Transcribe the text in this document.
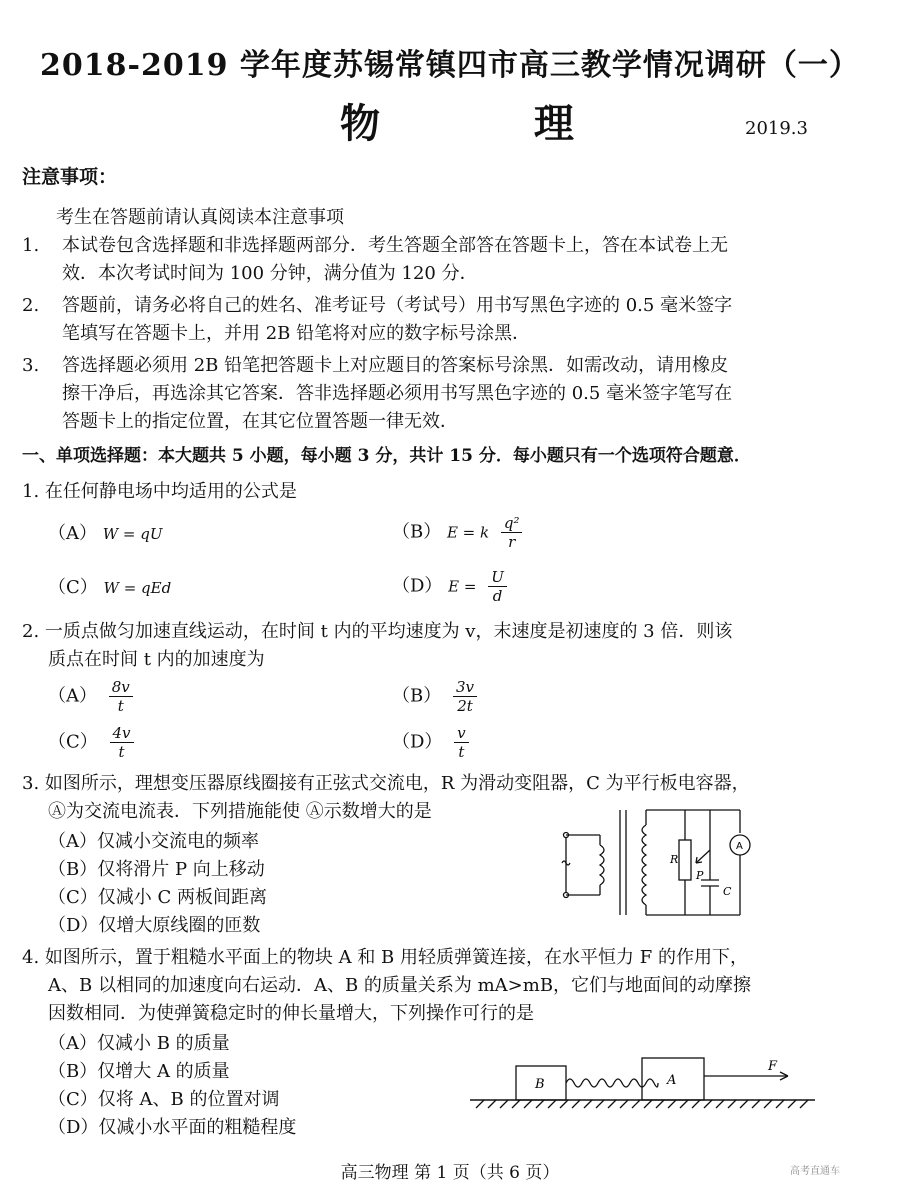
2018-2019 学年度苏锡常镇四市高三教学情况调研（一）
物 理	2019.3
注意事项：
考生在答题前请认真阅读本注意事项
1. 本试卷包含选择题和非选择题两部分．考生答题全部答在答题卡上，答在本试卷上无
效．本次考试时间为 100 分钟，满分值为 120 分．
2. 答题前，请务必将自己的姓名、准考证号（考试号）用书写黑色字迹的 0.5 毫米签字
笔填写在答题卡上，并用 2B 铅笔将对应的数字标号涂黑．
3. 答选择题必须用 2B 铅笔把答题卡上对应题目的答案标号涂黑．如需改动，请用橡皮
擦干净后，再选涂其它答案．答非选择题必须用书写黑色字迹的 0.5 毫米签字笔写在
答题卡上的指定位置，在其它位置答题一律无效．
一、单项选择题：本大题共 5 小题，每小题 3 分，共计 15 分．每小题只有一个选项符合题意．
1. 在任何静电场中均适用的公式是
（A） W = qU	（B） E = k $\frac{\text{q²}}{r}$
（C） W = qEd	（D） $E = \frac{U}{d}$
2. 一质点做匀加速直线运动，在时间 t 内的平均速度为 v，末速度是初速度的 3 倍．则该
质点在时间 t 内的加速度为
$(A) \frac{8v}{t}$	$(B) \frac{3v}{2t}$
$(C) \frac{4v}{t}$	$(D) \frac{v}{t}$
3. 如图所示，理想变压器原线圈接有正弦式交流电，R 为滑动变阻器，C 为平行板电容器，
Ⓐ为交流电流表．下列措施能使 Ⓐ示数增大的是
（A）仅减小交流电的频率
（B）仅将滑片 P 向上移动
（C）仅减小 C 两板间距离
（D）仅增大原线圈的匝数
R
P
C
A
4. 如图所示，置于粗糙水平面上的物块 A 和 B 用轻质弹簧连接，在水平恒力 F 的作用下，
A、B 以相同的加速度向右运动．A、B 的质量关系为 mA>mB，它们与地面间的动摩擦
因数相同．为使弹簧稳定时的伸长量增大，下列操作可行的是
（A）仅减小 B 的质量
（B）仅增大 A 的质量
（C）仅将 A、B 的位置对调
（D）仅减小水平面的粗糙程度
B	A
F
高三物理 第 1 页（共 6 页）	高考直通车
